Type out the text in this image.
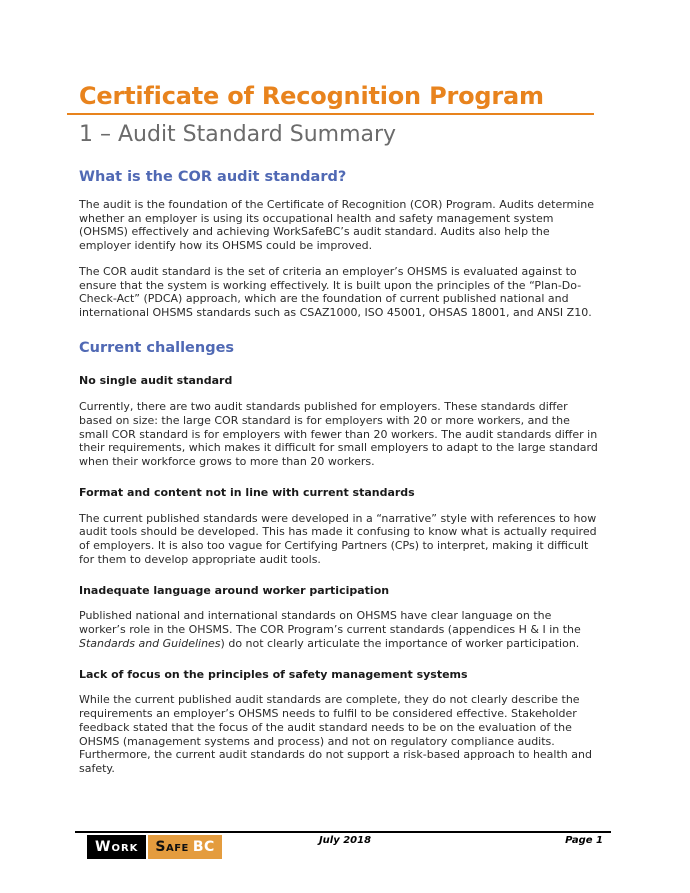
Certificate of Recognition Program
1 – Audit Standard Summary
What is the COR audit standard?

The audit is the foundation of the Certificate of Recognition (COR) Program. Audits determine whether an employer is using its occupational health and safety management system (OHSMS) effectively and achieving WorkSafeBC’s audit standard. Audits also help the employer identify how its OHSMS could be improved.

The COR audit standard is the set of criteria an employer’s OHSMS is evaluated against to ensure that the system is working effectively. It is built upon the principles of the “Plan-Do-Check-Act” (PDCA) approach, which are the foundation of current published national and international OHSMS standards such as CSAZ1000, ISO 45001, OHSAS 18001, and ANSI Z10.

Current challenges
No single audit standard

Currently, there are two audit standards published for employers. These standards differ based on size: the large COR standard is for employers with 20 or more workers, and the small COR standard is for employers with fewer than 20 workers. The audit standards differ in their requirements, which makes it difficult for small employers to adapt to the large standard when their workforce grows to more than 20 workers.

Format and content not in line with current standards

The current published standards were developed in a “narrative” style with references to how audit tools should be developed. This has made it confusing to know what is actually required of employers. It is also too vague for Certifying Partners (CPs) to interpret, making it difficult for them to develop appropriate audit tools.

Inadequate language around worker participation

Published national and international standards on OHSMS have clear language on the worker’s role in the OHSMS. The COR Program’s current standards (appendices H & I in the Standards and Guidelines) do not clearly articulate the importance of worker participation.

Lack of focus on the principles of safety management systems

While the current published audit standards are complete, they do not clearly describe the requirements an employer’s OHSMS needs to fulfil to be considered effective. Stakeholder feedback stated that the focus of the audit standard needs to be on the evaluation of the OHSMS (management systems and process) and not on regulatory compliance audits. Furthermore, the current audit standards do not support a risk-based approach to health and safety.

Work	Safe BC	July 2018	Page 1
